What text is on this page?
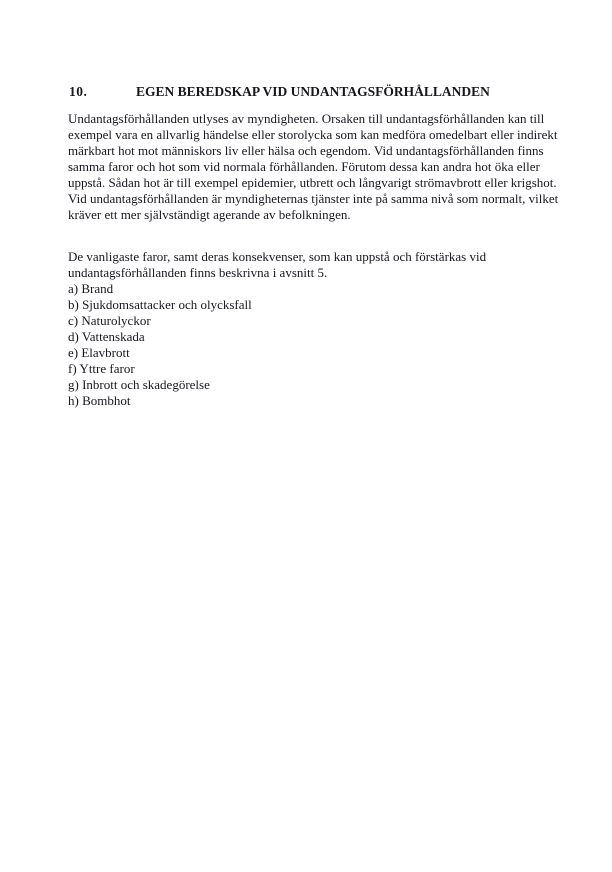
10.	EGEN BEREDSKAP VID UNDANTAGSFÖRHÅLLANDEN
Undantagsförhållanden utlyses av myndigheten. Orsaken till undantagsförhållanden kan till
exempel vara en allvarlig händelse eller storolycka som kan medföra omedelbart eller indirekt
märkbart hot mot människors liv eller hälsa och egendom. Vid undantagsförhållanden finns
samma faror och hot som vid normala förhållanden. Förutom dessa kan andra hot öka eller
uppstå. Sådan hot är till exempel epidemier, utbrett och långvarigt strömavbrott eller krigshot.
Vid undantagsförhållanden är myndigheternas tjänster inte på samma nivå som normalt, vilket
kräver ett mer självständigt agerande av befolkningen.
De vanligaste faror, samt deras konsekvenser, som kan uppstå och förstärkas vid
undantagsförhållanden finns beskrivna i avsnitt 5.
a) Brand
b) Sjukdomsattacker och olycksfall
c) Naturolyckor
d) Vattenskada
e) Elavbrott
f) Yttre faror
g) Inbrott och skadegörelse
h) Bombhot
